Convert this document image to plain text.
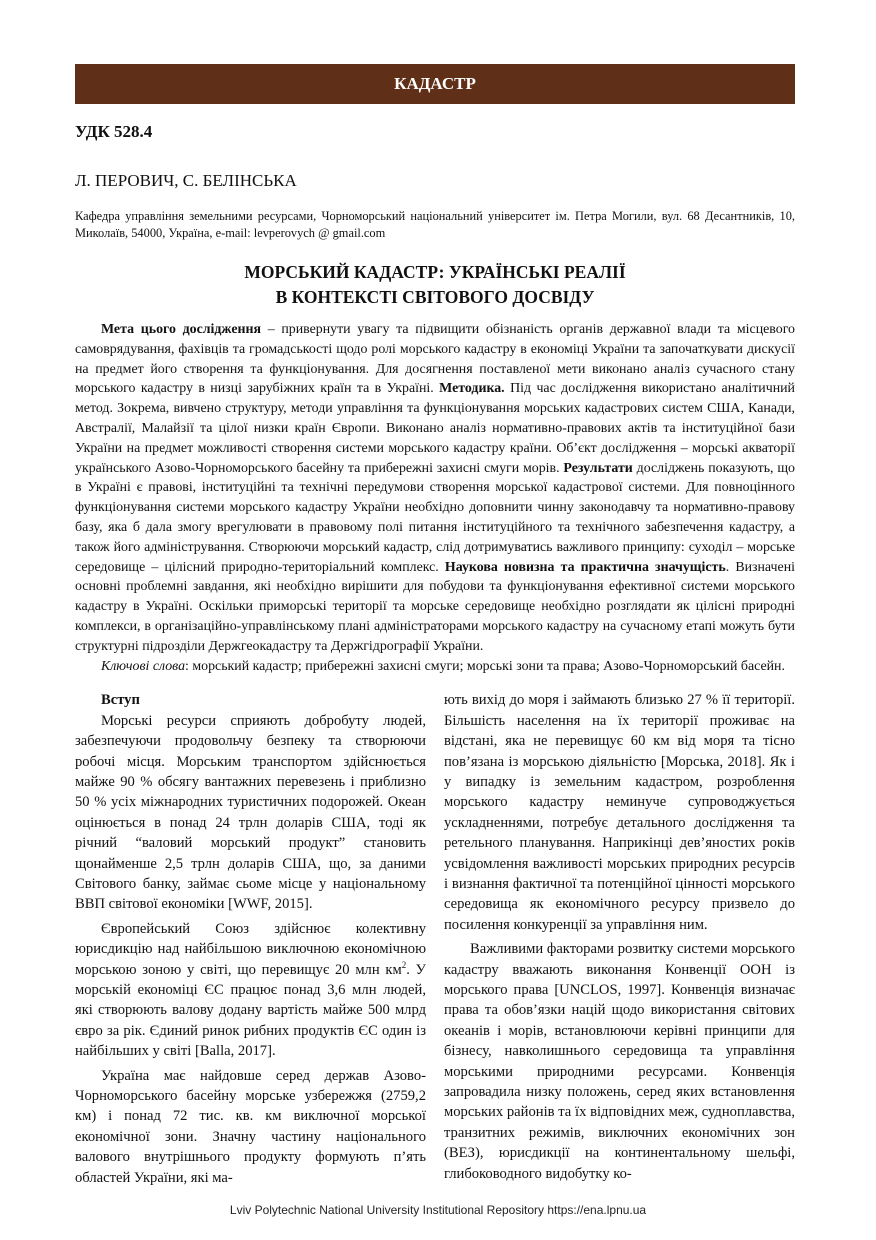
КАДАСТР
УДК 528.4
Л. ПЕРОВИЧ, С. БЕЛІНСЬКА
Кафедра управління земельними ресурсами, Чорноморський національний університет ім. Петра Могили, вул. 68 Десантників, 10, Миколаїв, 54000, Україна, e-mail: levperovych @ gmail.com
МОРСЬКИЙ КАДАСТР: УКРАЇНСЬКІ РЕАЛІЇ
В КОНТЕКСТІ СВІТОВОГО ДОСВІДУ

Мета цього дослідження – привернути увагу та підвищити обізнаність органів державної влади та місцевого самоврядування, фахівців та громадськості щодо ролі морського кадастру в економіці України та започаткувати дискусії на предмет його створення та функціонування. Для досягнення поставленої мети виконано аналіз сучасного стану морського кадастру в низці зарубіжних країн та в Україні. Методика. Під час дослідження використано аналітичний метод. Зокрема, вивчено структуру, методи управління та функціонування морських кадастрових систем США, Канади, Австралії, Малайзії та цілої низки країн Європи. Виконано аналіз нормативно-правових актів та інституційної бази України на предмет можливості створення системи морського кадастру країни. Об’єкт дослідження – морські акваторії українського Азово-Чорноморського басейну та прибережні захисні смуги морів. Результати досліджень показують, що в Україні є правові, інституційні та технічні передумови створення морської кадастрової системи. Для повноцінного функціонування системи морського кадастру України необхідно доповнити чинну законодавчу та нормативно-правову базу, яка б дала змогу врегулювати в правовому полі питання інституційного та технічного забезпечення кадастру, а також його адміністрування. Створюючи морський кадастр, слід дотримуватись важливого принципу: суходіл – морське середовище – цілісний природно-територіальний комплекс. Наукова новизна та практична значущість. Визначені основні проблемні завдання, які необхідно вирішити для побудови та функціонування ефективної системи морського кадастру в Україні. Оскільки приморські території та морське середовище необхідно розглядати як цілісні природні комплекси, в організаційно-управлінському плані адміністраторами морського кадастру на сучасному етапі можуть бути структурні підрозділи Держгеокадастру та Держгідрографії України.

Ключові слова: морський кадастр; прибережні захисні смуги; морські зони та права; Азово-Чорноморський басейн.

Вступ

Морські ресурси сприяють добробуту людей, забезпечуючи продовольчу безпеку та створюючи робочі місця. Морським транспортом здійснюється майже 90 % обсягу вантажних перевезень і приблизно 50 % усіх міжнародних туристичних подорожей. Океан оцінюється в понад 24 трлн доларів США, тоді як річний “валовий морський продукт” становить щонайменше 2,5 трлн доларів США, що, за даними Світового банку, займає сьоме місце у національному ВВП світової економіки [WWF, 2015].

Європейський Союз здійснює колективну юрисдикцію над найбільшою виключною економічною морською зоною у світі, що перевищує 20 млн $км^2$. У морській економіці ЄС працює понад 3,6 млн людей, які створюють валову додану вартість майже 500 млрд євро за рік. Єдиний ринок рибних продуктів ЄС один із найбільших у світі [Balla, 2017].

Україна має найдовше серед держав Азово-Чорноморського басейну морське узбережжя (2759,2 км) і понад 72 тис. кв. км виключної морської економічної зони. Значну частину національного валового внутрішнього продукту формують п’ять областей України, які ма-

ють вихід до моря і займають близько 27 % її території. Більшість населення на їх території проживає на відстані, яка не перевищує 60 км від моря та тісно пов’язана із морською діяльністю [Морська, 2018]. Як і у випадку із земельним кадастром, розроблення морського кадастру неминуче супроводжується ускладненнями, потребує детального дослідження та ретельного планування. Наприкінці дев’яностих років усвідомлення важливості морських природних ресурсів і визнання фактичної та потенційної цінності морського середовища як економічного ресурсу призвело до посилення конкуренції за управління ним.

Важливими факторами розвитку системи морського кадастру вважають виконання Конвенції ООН із морського права [UNCLOS, 1997]. Конвенція визначає права та обов’язки націй щодо використання світових океанів і морів, встановлюючи керівні принципи для бізнесу, навколишнього середовища та управління морськими природними ресурсами. Конвенція запровадила низку положень, серед яких встановлення морських районів та їх відповідних меж, судноплавства, транзитних режимів, виключних економічних зон (ВЕЗ), юрисдикції на континентальному шельфі, глибоководного видобутку ко-

Lviv Polytechnic National University Institutional Repository https://ena.lpnu.ua
